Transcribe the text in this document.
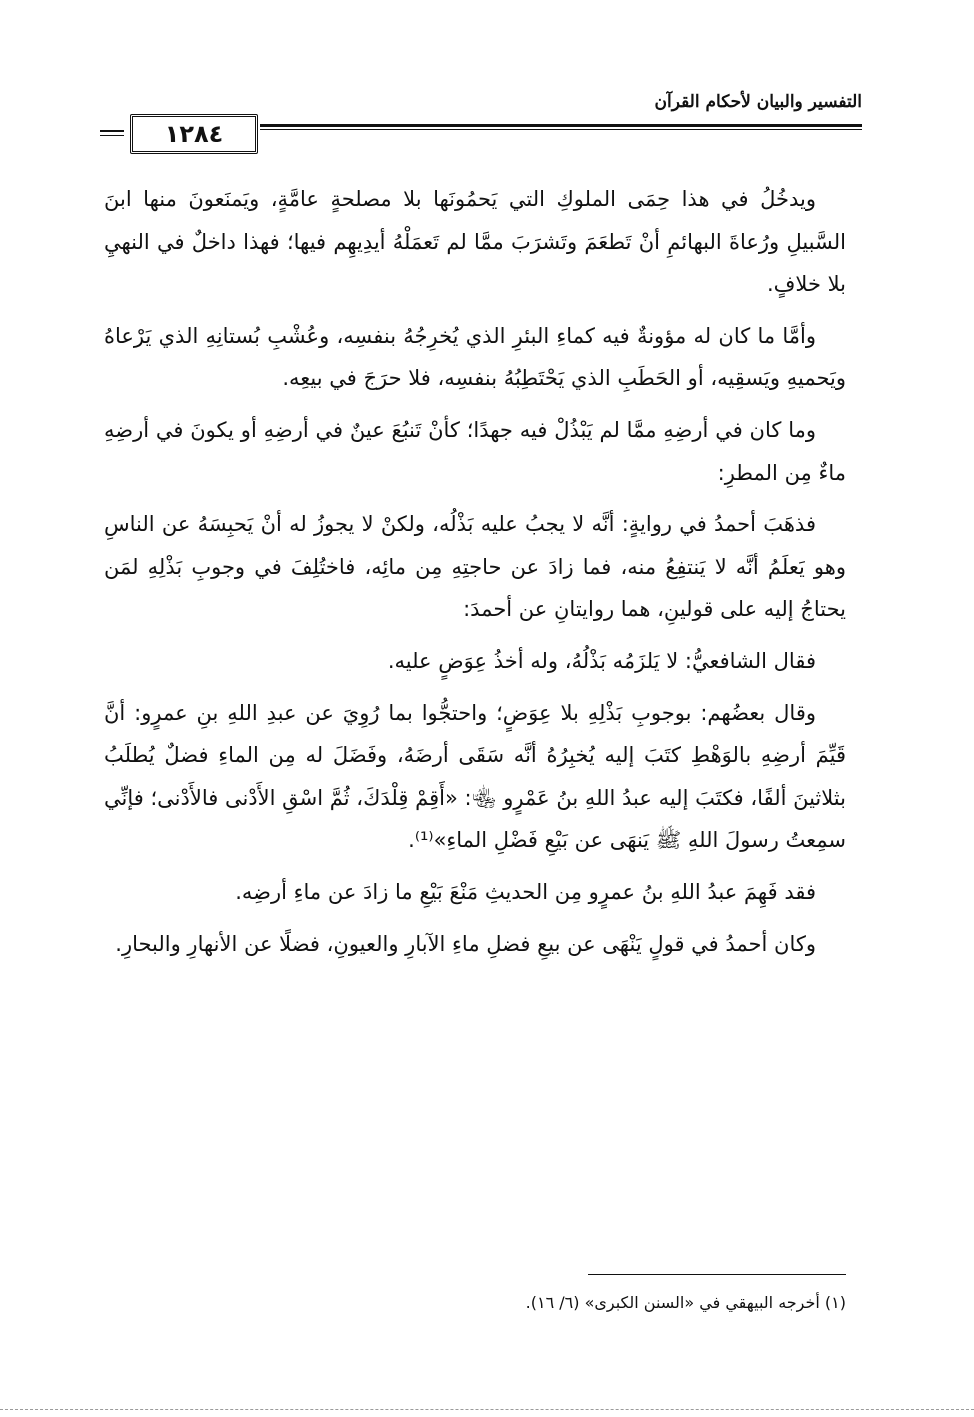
التفسير والبيان لأحكام القرآن
١٢٨٤

ويدخُلُ في هذا حِمَى الملوكِ التي يَحمُونَها بلا مصلحةٍ عامَّةٍ، ويَمنَعونَ منها ابنَ السَّبيلِ ورُعاةَ البهائمِ أنْ تَطعَمَ وتَشرَبَ ممَّا لم تَعمَلْهُ أيدِيهِم فيها؛ فهذا داخلٌ في النهيِ بلا خلافٍ.

وأمَّا ما كان له مؤونةٌ فيه كماءِ البئرِ الذي يُخرِجُهُ بنفسِه، وعُشْبِ بُستانِهِ الذي يَرْعاهُ ويَحميهِ ويَسقِيه، أو الحَطَبِ الذي يَحْتَطِبُهُ بنفسِه، فلا حرَجَ في بيعِه.

وما كان في أرضِهِ ممَّا لم يَبْذُلْ فيه جهدًا؛ كأنْ تَنبُعَ عينٌ في أرضِهِ أو يكونَ في أرضِهِ ماءٌ مِن المطرِ:

فذهَبَ أحمدُ في روايةٍ: أنَّه لا يجبُ عليه بَذْلُه، ولكنْ لا يجوزُ له أنْ يَحبِسَهُ عن الناسِ وهو يَعلَمُ أنَّه لا يَنتفِعُ منه، فما زادَ عن حاجتِهِ مِن مائِه، فاختُلِفَ في وجوبِ بَذْلِهِ لمَن يحتاجُ إليه على قولينِ، هما روايتانِ عن أحمدَ:

فقال الشافعيُّ: لا يَلزَمُه بَذْلُهُ، وله أخذُ عِوَضٍ عليه.

وقال بعضُهم: بوجوبِ بَذْلِهِ بلا عِوَضٍ؛ واحتجُّوا بما رُوِيَ عن عبدِ اللهِ بنِ عمرٍو: أنَّ قَيِّمَ أرضِهِ بالوَهْطِ كتَبَ إليه يُخبِرُهُ أنَّه سَقَى أرضَهُ، وفَضَلَ له مِن الماءِ فضلٌ يُطلَبُ بثلاثينَ ألفًا، فكتَبَ إليه عبدُ اللهِ بنُ عَمْرٍو ﵄: «أَقِمْ قِلْدَكَ، ثُمَّ اسْقِ الأَدْنى فالأَدْنى؛ فإنِّي سمِعتُ رسولَ اللهِ ﷺ يَنهَى عن بَيْعِ فَضْلِ الماءِ»⁽¹⁾.

فقد فَهِمَ عبدُ اللهِ بنُ عمرٍو مِن الحديثِ مَنْعَ بَيْعِ ما زادَ عن ماءِ أرضِه.

وكان أحمدُ في قولٍ يَنْهَى عن بيعِ فضلِ ماءِ الآبارِ والعيونِ، فضلًا عن الأنهارِ والبحارِ.

(١) أخرجه البيهقي في «السنن الكبرى» (٦/ ١٦).
